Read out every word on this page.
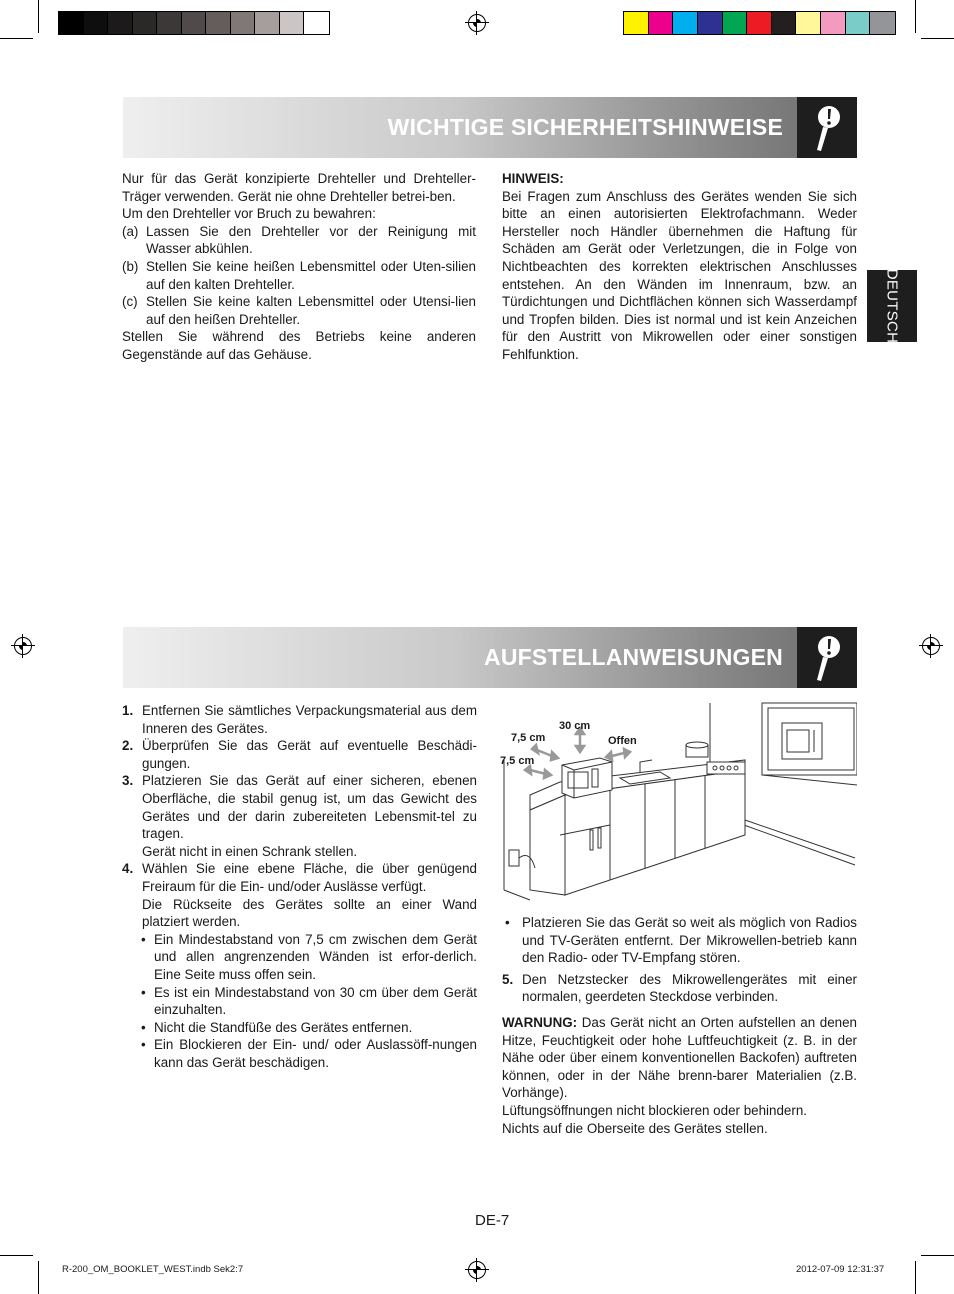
WICHTIGE SICHERHEITSHINWEISE

Nur für das Gerät konzipierte Drehteller und Drehteller-Träger verwenden. Gerät nie ohne Drehteller betrei-ben.

Um den Drehteller vor Bruch zu bewahren:

(a) Lassen Sie den Drehteller vor der Reinigung mit Wasser abkühlen.
(b) Stellen Sie keine heißen Lebensmittel oder Uten-silien auf den kalten Drehteller.
(c) Stellen Sie keine kalten Lebensmittel oder Utensi-lien auf den heißen Drehteller.

Stellen Sie während des Betriebs keine anderen Gegenstände auf das Gehäuse.

HINWEIS:

Bei Fragen zum Anschluss des Gerätes wenden Sie sich bitte an einen autorisierten Elektrofachmann. Weder Hersteller noch Händler übernehmen die Haftung für Schäden am Gerät oder Verletzungen, die in Folge von Nichtbeachten des korrekten elektrischen Anschlusses entstehen. An den Wänden im Innenraum, bzw. an Türdichtungen und Dichtflächen können sich Wasserdampf und Tropfen bilden. Dies ist normal und ist kein Anzeichen für den Austritt von Mikrowellen oder einer sonstigen Fehlfunktion.

DEUTSCH
AUFSTELLANWEISUNGEN
1. Entfernen Sie sämtliches Verpackungsmaterial aus dem Inneren des Gerätes.
2. Überprüfen Sie das Gerät auf eventuelle Beschädi-gungen.
3. Platzieren Sie das Gerät auf einer sicheren, ebenen Oberfläche, die stabil genug ist, um das Gewicht des Gerätes und der darin zubereiteten Lebensmit-tel zu tragen.
Gerät nicht in einen Schrank stellen.
4. Wählen Sie eine ebene Fläche, die über genügend Freiraum für die Ein- und/oder Auslässe verfügt.
Die Rückseite des Gerätes sollte an einer Wand platziert werden.
• Ein Mindestabstand von 7,5 cm zwischen dem Gerät und allen angrenzenden Wänden ist erfor-derlich. Eine Seite muss offen sein.
• Es ist ein Mindestabstand von 30 cm über dem Gerät einzuhalten.
• Nicht die Standfüße des Gerätes entfernen.
• Ein Blockieren der Ein- und/ oder Auslassöff-nungen kann das Gerät beschädigen.
30 cm
7,5 cm
7,5 cm
Offen
• Platzieren Sie das Gerät so weit als möglich von Radios und TV-Geräten entfernt. Der Mikrowellen-betrieb kann den Radio- oder TV-Empfang stören.
5. Den Netzstecker des Mikrowellengerätes mit einer normalen, geerdeten Steckdose verbinden.

WARNUNG: Das Gerät nicht an Orten aufstellen an denen Hitze, Feuchtigkeit oder hohe Luftfeuchtigkeit (z. B. in der Nähe oder über einem konventionellen Backofen) auftreten können, oder in der Nähe brenn-barer Materialien (z.B. Vorhänge).

Lüftungsöffnungen nicht blockieren oder behindern.

Nichts auf die Oberseite des Gerätes stellen.

DE-7
R-200_OM_BOOKLET_WEST.indb Sek2:7	2012-07-09 12:31:37
